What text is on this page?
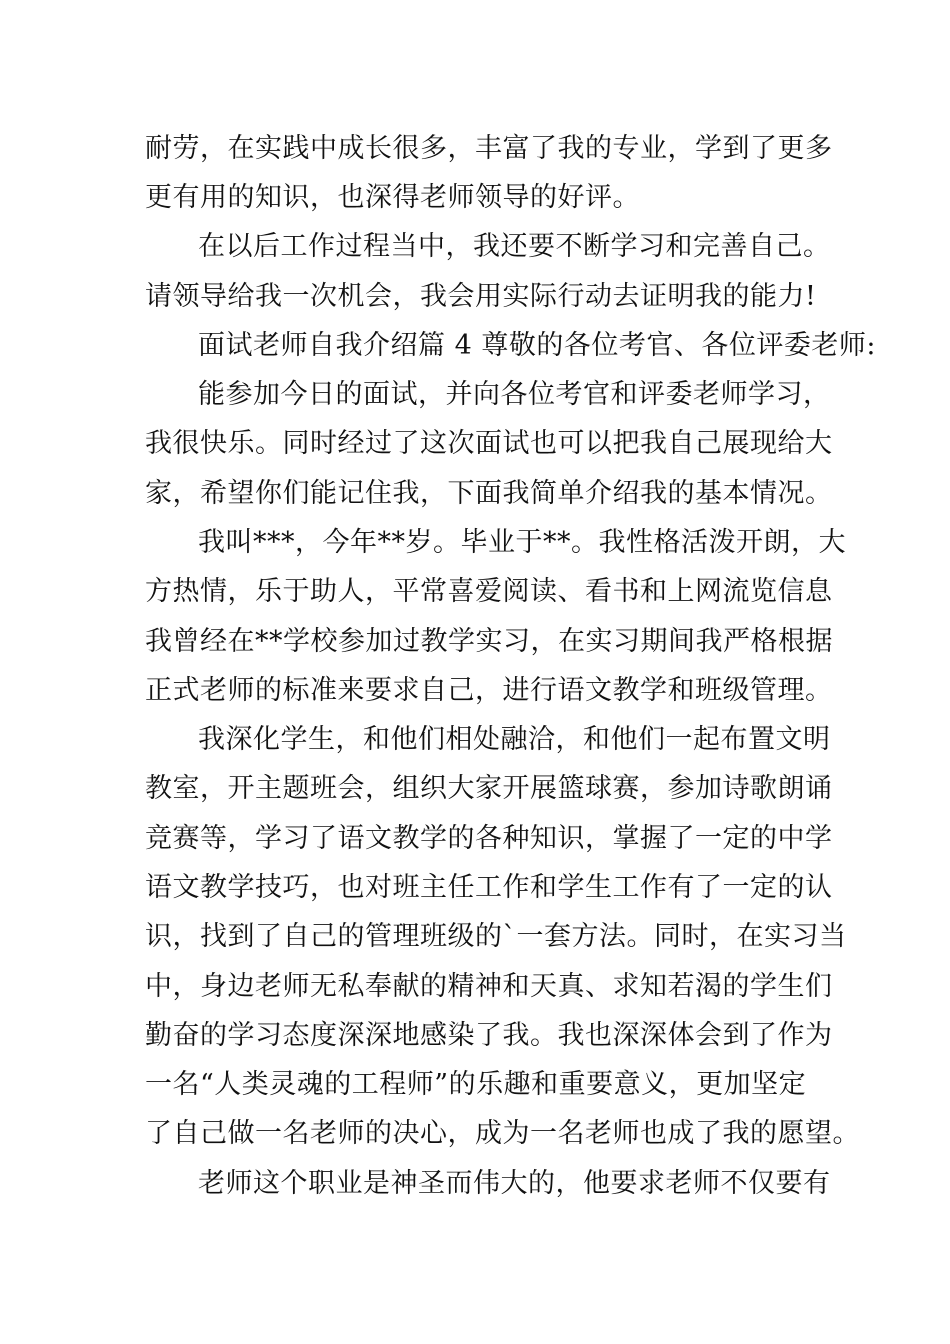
耐劳，在实践中成长很多，丰富了我的专业，学到了更多
更有用的知识，也深得老师领导的好评。
在以后工作过程当中，我还要不断学习和完善自己。
请领导给我一次机会，我会用实际行动去证明我的能力!
面试老师自我介绍篇 4 尊敬的各位考官、各位评委老师:
能参加今日的面试，并向各位考官和评委老师学习，
我很快乐。同时经过了这次面试也可以把我自己展现给大
家，希望你们能记住我，下面我简单介绍我的基本情况。
我叫***，今年**岁。毕业于**。我性格活泼开朗，大
方热情，乐于助人，平常喜爱阅读、看书和上网流览信息
我曾经在**学校参加过教学实习，在实习期间我严格根据
正式老师的标准来要求自己，进行语文教学和班级管理。
我深化学生，和他们相处融洽，和他们一起布置文明
教室，开主题班会，组织大家开展篮球赛，参加诗歌朗诵
竞赛等，学习了语文教学的各种知识，掌握了一定的中学
语文教学技巧，也对班主任工作和学生工作有了一定的认
识，找到了自己的管理班级的`一套方法。同时，在实习当
中，身边老师无私奉献的精神和天真、求知若渴的学生们
勤奋的学习态度深深地感染了我。我也深深体会到了作为
一名“人类灵魂的工程师”的乐趣和重要意义，更加坚定
了自己做一名老师的决心，成为一名老师也成了我的愿望。
老师这个职业是神圣而伟大的，他要求老师不仅要有
